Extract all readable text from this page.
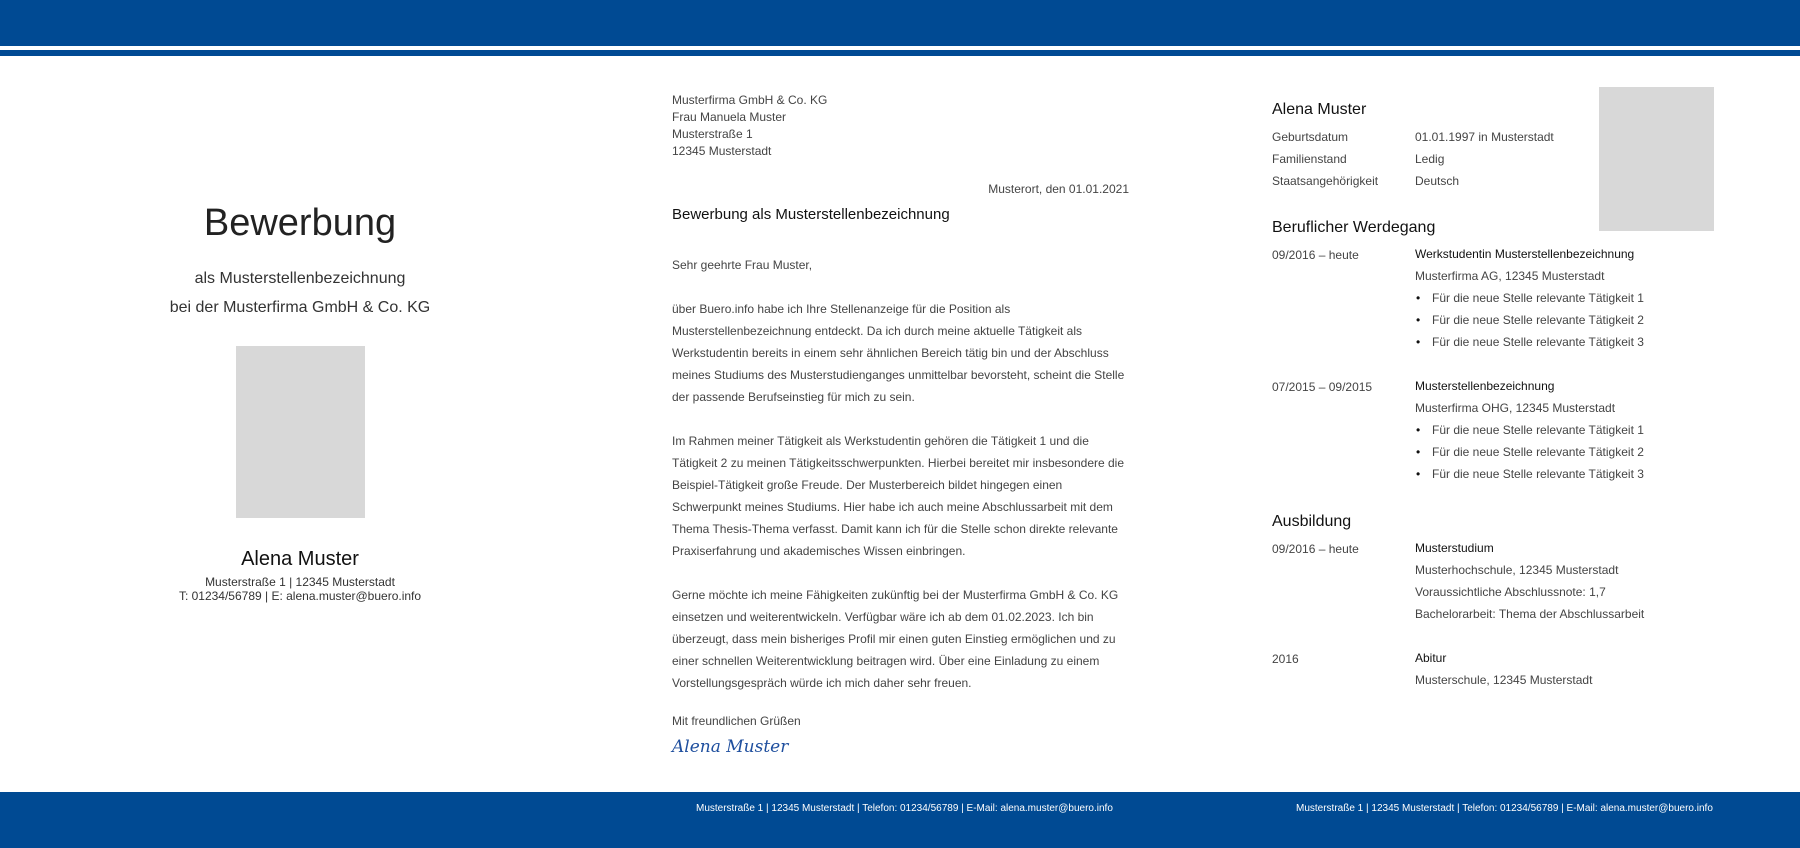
Musterstraße 1 | 12345 Musterstadt | Telefon: 01234/56789 | E-Mail: alena.muster@buero.info	Musterstraße 1 | 12345 Musterstadt | Telefon: 01234/56789 | E-Mail: alena.muster@buero.info
Bewerbung
als Musterstellenbezeichnung
bei der Musterfirma GmbH & Co. KG
Alena Muster
Musterstraße 1 | 12345 Musterstadt
T: 01234/56789 | E: alena.muster@buero.info
Musterfirma GmbH & Co. KG
Frau Manuela Muster
Musterstraße 1
12345 Musterstadt
Musterort, den 01.01.2021
Bewerbung als Musterstellenbezeichnung

Sehr geehrte Frau Muster,

über Buero.info habe ich Ihre Stellenanzeige für die Position als Musterstellenbezeichnung entdeckt. Da ich durch meine aktuelle Tätigkeit als Werkstudentin bereits in einem sehr ähnlichen Bereich tätig bin und der Abschluss meines Studiums des Musterstudienganges unmittelbar bevorsteht, scheint die Stelle der passende Berufseinstieg für mich zu sein.

Im Rahmen meiner Tätigkeit als Werkstudentin gehören die Tätigkeit 1 und die Tätigkeit 2 zu meinen Tätigkeitsschwerpunkten. Hierbei bereitet mir insbesondere die Beispiel-Tätigkeit große Freude. Der Musterbereich bildet hingegen einen Schwerpunkt meines Studiums. Hier habe ich auch meine Abschlussarbeit mit dem Thema Thesis-Thema verfasst. Damit kann ich für die Stelle schon direkte relevante Praxiserfahrung und akademisches Wissen einbringen.

Gerne möchte ich meine Fähigkeiten zukünftig bei der Musterfirma GmbH & Co. KG einsetzen und weiterentwickeln. Verfügbar wäre ich ab dem 01.02.2023. Ich bin überzeugt, dass mein bisheriges Profil mir einen guten Einstieg ermöglichen und zu einer schnellen Weiterentwicklung beitragen wird. Über eine Einladung zu einem Vorstellungsgespräch würde ich mich daher sehr freuen.

Mit freundlichen Grüßen
Alena Muster
Alena Muster
Geburtsdatum	01.01.1997 in Musterstadt
Familienstand	Ledig
Staatsangehörigkeit	Deutsch
Beruflicher Werdegang
09/2016 – heute	Werkstudentin Musterstellenbezeichnung
Musterfirma AG, 12345 Musterstadt
• Für die neue Stelle relevante Tätigkeit 1
• Für die neue Stelle relevante Tätigkeit 2
• Für die neue Stelle relevante Tätigkeit 3
07/2015 – 09/2015	Musterstellenbezeichnung
Musterfirma OHG, 12345 Musterstadt
• Für die neue Stelle relevante Tätigkeit 1
• Für die neue Stelle relevante Tätigkeit 2
• Für die neue Stelle relevante Tätigkeit 3
Ausbildung
09/2016 – heute	Musterstudium
Musterhochschule, 12345 Musterstadt
Voraussichtliche Abschlussnote: 1,7
Bachelorarbeit: Thema der Abschlussarbeit
2016	Abitur
Musterschule, 12345 Musterstadt
